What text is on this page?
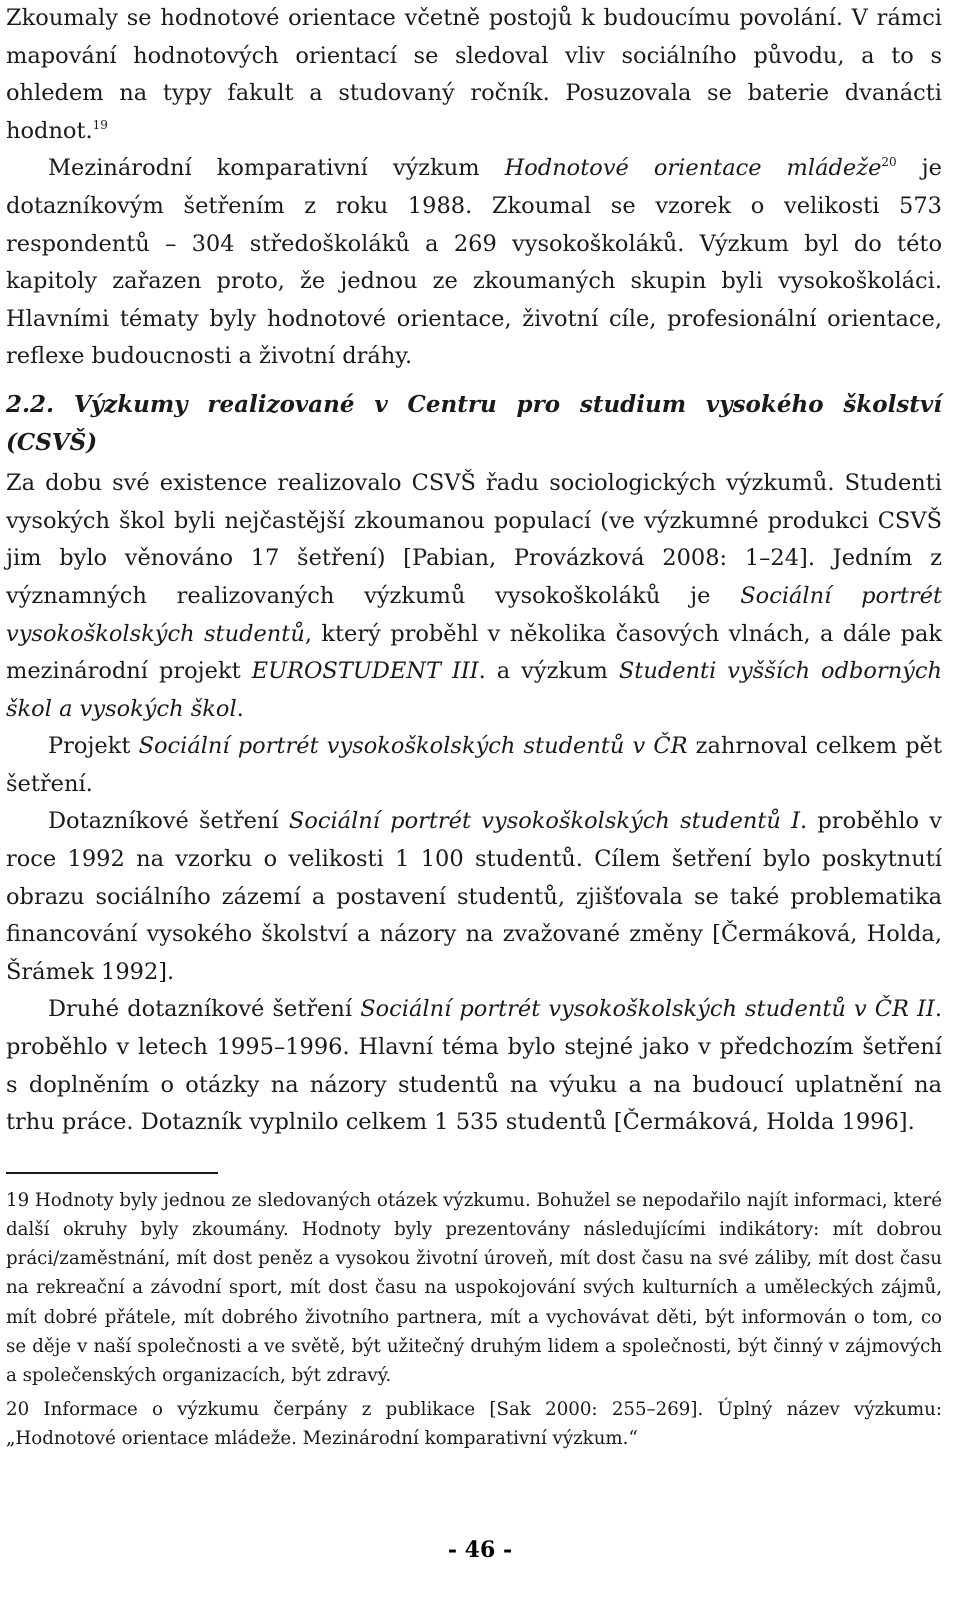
Zkoumaly se hodnotové orientace včetně postojů k budoucímu povolání. V rámci mapování hodnotových orientací se sledoval vliv sociálního původu, a to s ohledem na typy fakult a studovaný ročník. Posuzovala se baterie dvanácti hodnot.$^{19}$

Mezinárodní komparativní výzkum Hodnotové orientace mládeže$^{20}$ je dotazníkovým šetřením z roku 1988. Zkoumal se vzorek o velikosti 573 respondentů – 304 středoškoláků a 269 vysokoškoláků. Výzkum byl do této kapitoly zařazen proto, že jednou ze zkoumaných skupin byli vysokoškoláci. Hlavními tématy byly hodnotové orientace, životní cíle, profesionální orientace, reflexe budoucnosti a životní dráhy.

2.2. Výzkumy realizované v Centru pro studium vysokého školství (CSVŠ)

Za dobu své existence realizovalo CSVŠ řadu sociologických výzkumů. Studenti vysokých škol byli nejčastější zkoumanou populací (ve výzkumné produkci CSVŠ jim bylo věnováno 17 šetření) [Pabian, Provázková 2008: 1–24]. Jedním z významných realizovaných výzkumů vysokoškoláků je Sociální portrét vysokoškolských studentů, který proběhl v několika časových vlnách, a dále pak mezinárodní projekt EUROSTUDENT III. a výzkum Studenti vyšších odborných škol a vysokých škol.

Projekt Sociální portrét vysokoškolských studentů v ČR zahrnoval celkem pět šetření.

Dotazníkové šetření Sociální portrét vysokoškolských studentů I. proběhlo v roce 1992 na vzorku o velikosti 1 100 studentů. Cílem šetření bylo poskytnutí obrazu sociálního zázemí a postavení studentů, zjišťovala se také problematika financování vysokého školství a názory na zvažované změny [Čermáková, Holda, Šrámek 1992].

Druhé dotazníkové šetření Sociální portrét vysokoškolských studentů v ČR II. proběhlo v letech 1995–1996. Hlavní téma bylo stejné jako v předchozím šetření s doplněním o otázky na názory studentů na výuku a na budoucí uplatnění na trhu práce. Dotazník vyplnilo celkem 1 535 studentů [Čermáková, Holda 1996].

19 Hodnoty byly jednou ze sledovaných otázek výzkumu. Bohužel se nepodařilo najít informaci, které další okruhy byly zkoumány. Hodnoty byly prezentovány následujícími indikátory: mít dobrou práci/zaměstnání, mít dost peněz a vysokou životní úroveň, mít dost času na své záliby, mít dost času na rekreační a závodní sport, mít dost času na uspokojování svých kulturních a uměleckých zájmů, mít dobré přátele, mít dobrého životního partnera, mít a vychovávat děti, být informován o tom, co se děje v naší společnosti a ve světě, být užitečný druhým lidem a společnosti, být činný v zájmových a společenských organizacích, být zdravý.

20 Informace o výzkumu čerpány z publikace [Sak 2000: 255–269]. Úplný název výzkumu: „Hodnotové orientace mládeže. Mezinárodní komparativní výzkum.“

- 46 -
